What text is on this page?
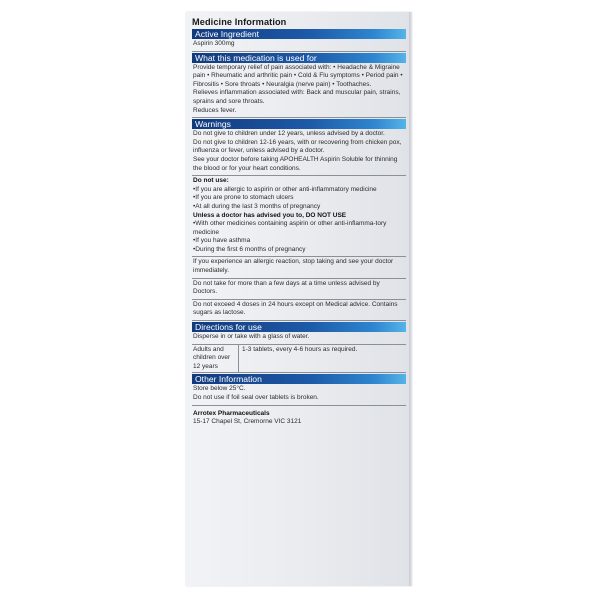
Medicine Information
Active Ingredient
Aspirin 300mg
What this medication is used for
Provide temporary relief of pain associated with: • Headache & Migraine pain • Rheumatic and arthritic pain • Cold & Flu symptoms • Period pain • Fibrositis • Sore throats • Neuralgia (nerve pain) • Toothaches.
Relieves inflammation associated with: Back and muscular pain, strains, sprains and sore throats.
Reduces fever.
Warnings
Do not give to children under 12 years, unless advised by a doctor.
Do not give to children 12-16 years, with or recovering from chicken pox, influenza or fever, unless advised by a doctor.
See your doctor before taking APOHEALTH Aspirin Soluble for thinning the blood or for your heart conditions.
Do not use:
• If you are allergic to aspirin or other anti-inflammatory medicine
• If you are prone to stomach ulcers
• At all during the last 3 months of pregnancy
Unless a doctor has advised you to, DO NOT USE
• With other medicines containing aspirin or other anti-inflamma-tory medicine
• If you have asthma
• During the first 6 months of pregnancy
If you experience an allergic reaction, stop taking and see your doctor immediately.
Do not take for more than a few days at a time unless advised by Doctors.
Do not exceed 4 doses in 24 hours except on Medical advice. Contains sugars as lactose.
Directions for use
Disperse in or take with a glass of water.
Adults and children over 12 years
1-3 tablets, every 4-6 hours as required.
Other Information
Store below 25°C.
Do not use if foil seal over tablets is broken.
Arrotex Pharmaceuticals
15-17 Chapel St, Cremorne VIC 3121
